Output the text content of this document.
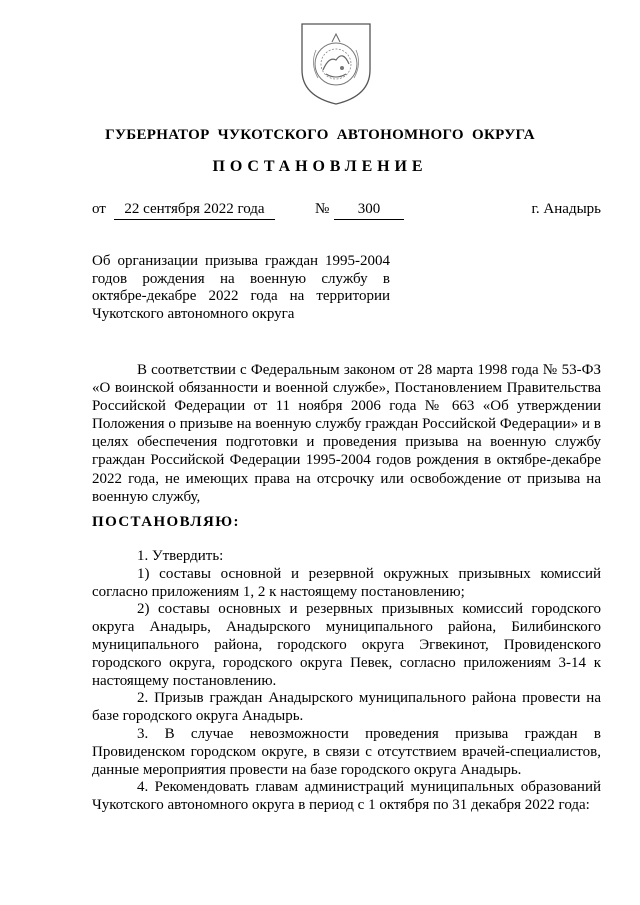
ГУБЕРНАТОР  ЧУКОТСКОГО  АВТОНОМНОГО  ОКРУГА
ПОСТАНОВЛЕНИЕ
от	22 сентября 2022 года	№	300	г. Анадырь
Об организации призыва граждан 1995-2004 годов рождения на военную службу в октябре-декабре 2022 года на территории Чукотского автономного округа

В соответствии с Федеральным законом от 28 марта 1998 года № 53-ФЗ «О воинской обязанности и военной службе», Постановлением Правительства Российской Федерации от 11 ноября 2006 года № 663 «Об утверждении Положения о призыве на военную службу граждан Российской Федерации» и в целях обеспечения подготовки и проведения призыва на военную службу граждан Российской Федерации 1995-2004 годов рождения в октябре-декабре 2022 года, не имеющих права на отсрочку или освобождение от призыва на военную службу,

ПОСТАНОВЛЯЮ:

1. Утвердить:

1) составы основной и резервной окружных призывных комиссий согласно приложениям 1, 2 к настоящему постановлению;

2) составы основных и резервных призывных комиссий городского округа Анадырь, Анадырского муниципального района, Билибинского муниципального района, городского округа Эгвекинот, Провиденского городского округа, городского округа Певек, согласно приложениям 3-14 к настоящему постановлению.

2. Призыв граждан Анадырского муниципального района провести на базе городского округа Анадырь.

3. В случае невозможности проведения призыва граждан в Провиденском городском округе, в связи с отсутствием врачей-специалистов, данные мероприятия провести на базе городского округа Анадырь.

4. Рекомендовать главам администраций муниципальных образований Чукотского автономного округа в период с 1 октября по 31 декабря 2022 года:
